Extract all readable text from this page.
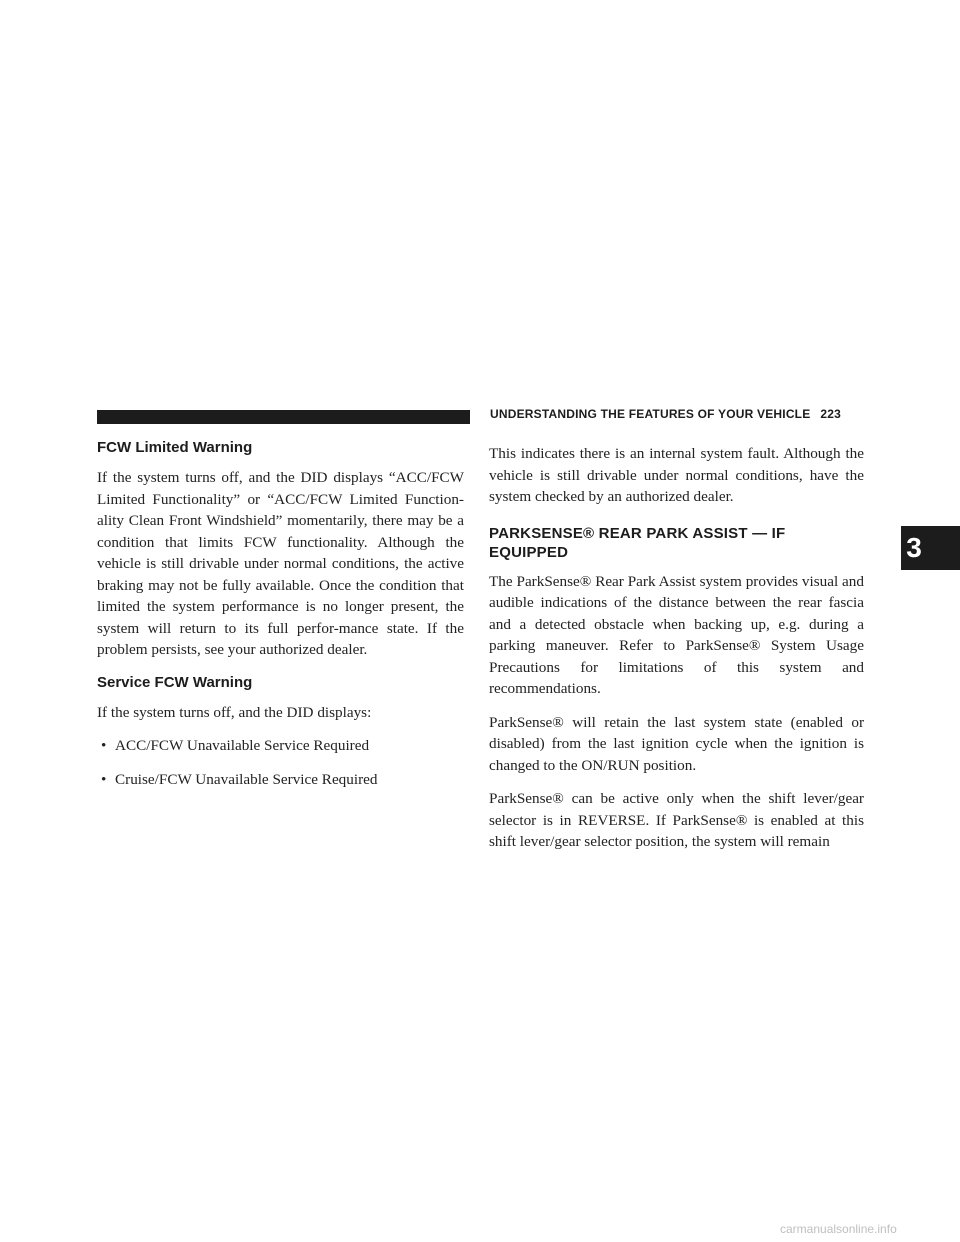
UNDERSTANDING THE FEATURES OF YOUR VEHICLE 223
FCW Limited Warning

If the system turns off, and the DID displays “ACC/FCW Limited Functionality” or “ACC/FCW Limited Function-ality Clean Front Windshield” momentarily, there may be a condition that limits FCW functionality. Although the vehicle is still drivable under normal conditions, the active braking may not be fully available. Once the condition that limited the system performance is no longer present, the system will return to its full perfor-mance state. If the problem persists, see your authorized dealer.

Service FCW Warning

If the system turns off, and the DID displays:

• ACC/FCW Unavailable Service Required
• Cruise/FCW Unavailable Service Required

This indicates there is an internal system fault. Although the vehicle is still drivable under normal conditions, have the system checked by an authorized dealer.

PARKSENSE® REAR PARK ASSIST — IF
EQUIPPED

The ParkSense® Rear Park Assist system provides visual and audible indications of the distance between the rear fascia and a detected obstacle when backing up, e.g. during a parking maneuver. Refer to ParkSense® System Usage Precautions for limitations of this system and recommendations.

ParkSense® will retain the last system state (enabled or disabled) from the last ignition cycle when the ignition is changed to the ON/RUN position.

ParkSense® can be active only when the shift lever/gear selector is in REVERSE. If ParkSense® is enabled at this shift lever/gear selector position, the system will remain

3
carmanualsonline.info
